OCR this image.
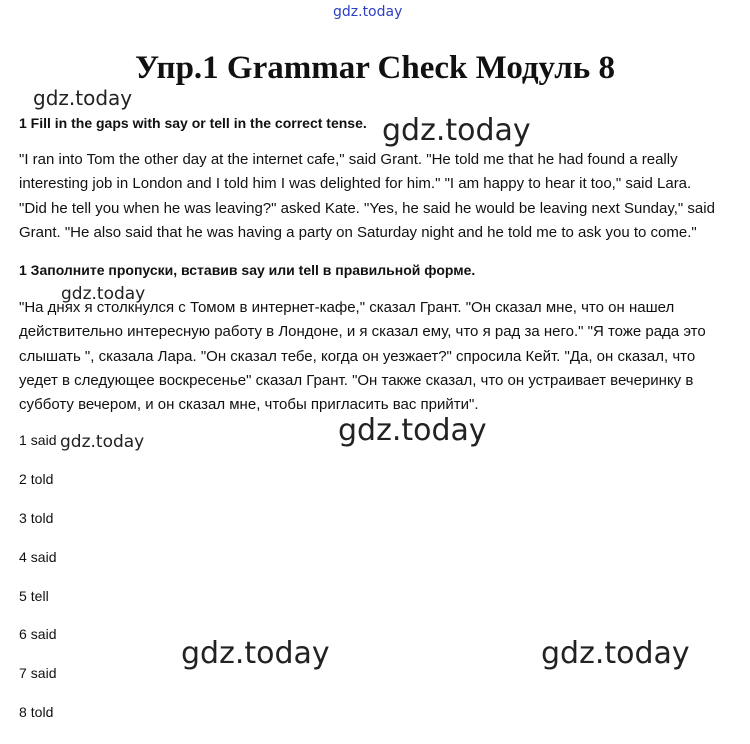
gdz.today
gdz.today
gdz.today
gdz.today
gdz.today
gdz.today
gdz.today	gdz.today
Упр.1 Grammar Check Модуль 8
1 Fill in the gaps with say or tell in the correct tense.
"I ran into Tom the other day at the internet cafe," said Grant. "He told me that he had found a really
interesting job in London and I told him I was delighted for him." "I am happy to hear it too," said Lara.
"Did he tell you when he was leaving?" asked Kate. "Yes, he said he would be leaving next Sunday," said
Grant. "He also said that he was having a party on Saturday night and he told me to ask you to come."
1 Заполните пропуски, вставив say или tell в правильной форме.
"На днях я столкнулся с Томом в интернет-кафе," сказал Грант. "Он сказал мне, что он нашел
действительно интересную работу в Лондоне, и я сказал ему, что я рад за него." "Я тоже рада это
слышать ", сказала Лара. "Он сказал тебе, когда он уезжает?" спросила Кейт. "Да, он сказал, что
уедет в следующее воскресенье" сказал Грант. "Он также сказал, что он устраивает вечеринку в
субботу вечером, и он сказал мне, чтобы пригласить вас прийти".
1 said
2 told
3 told
4 said
5 tell
6 said
7 said
8 told
